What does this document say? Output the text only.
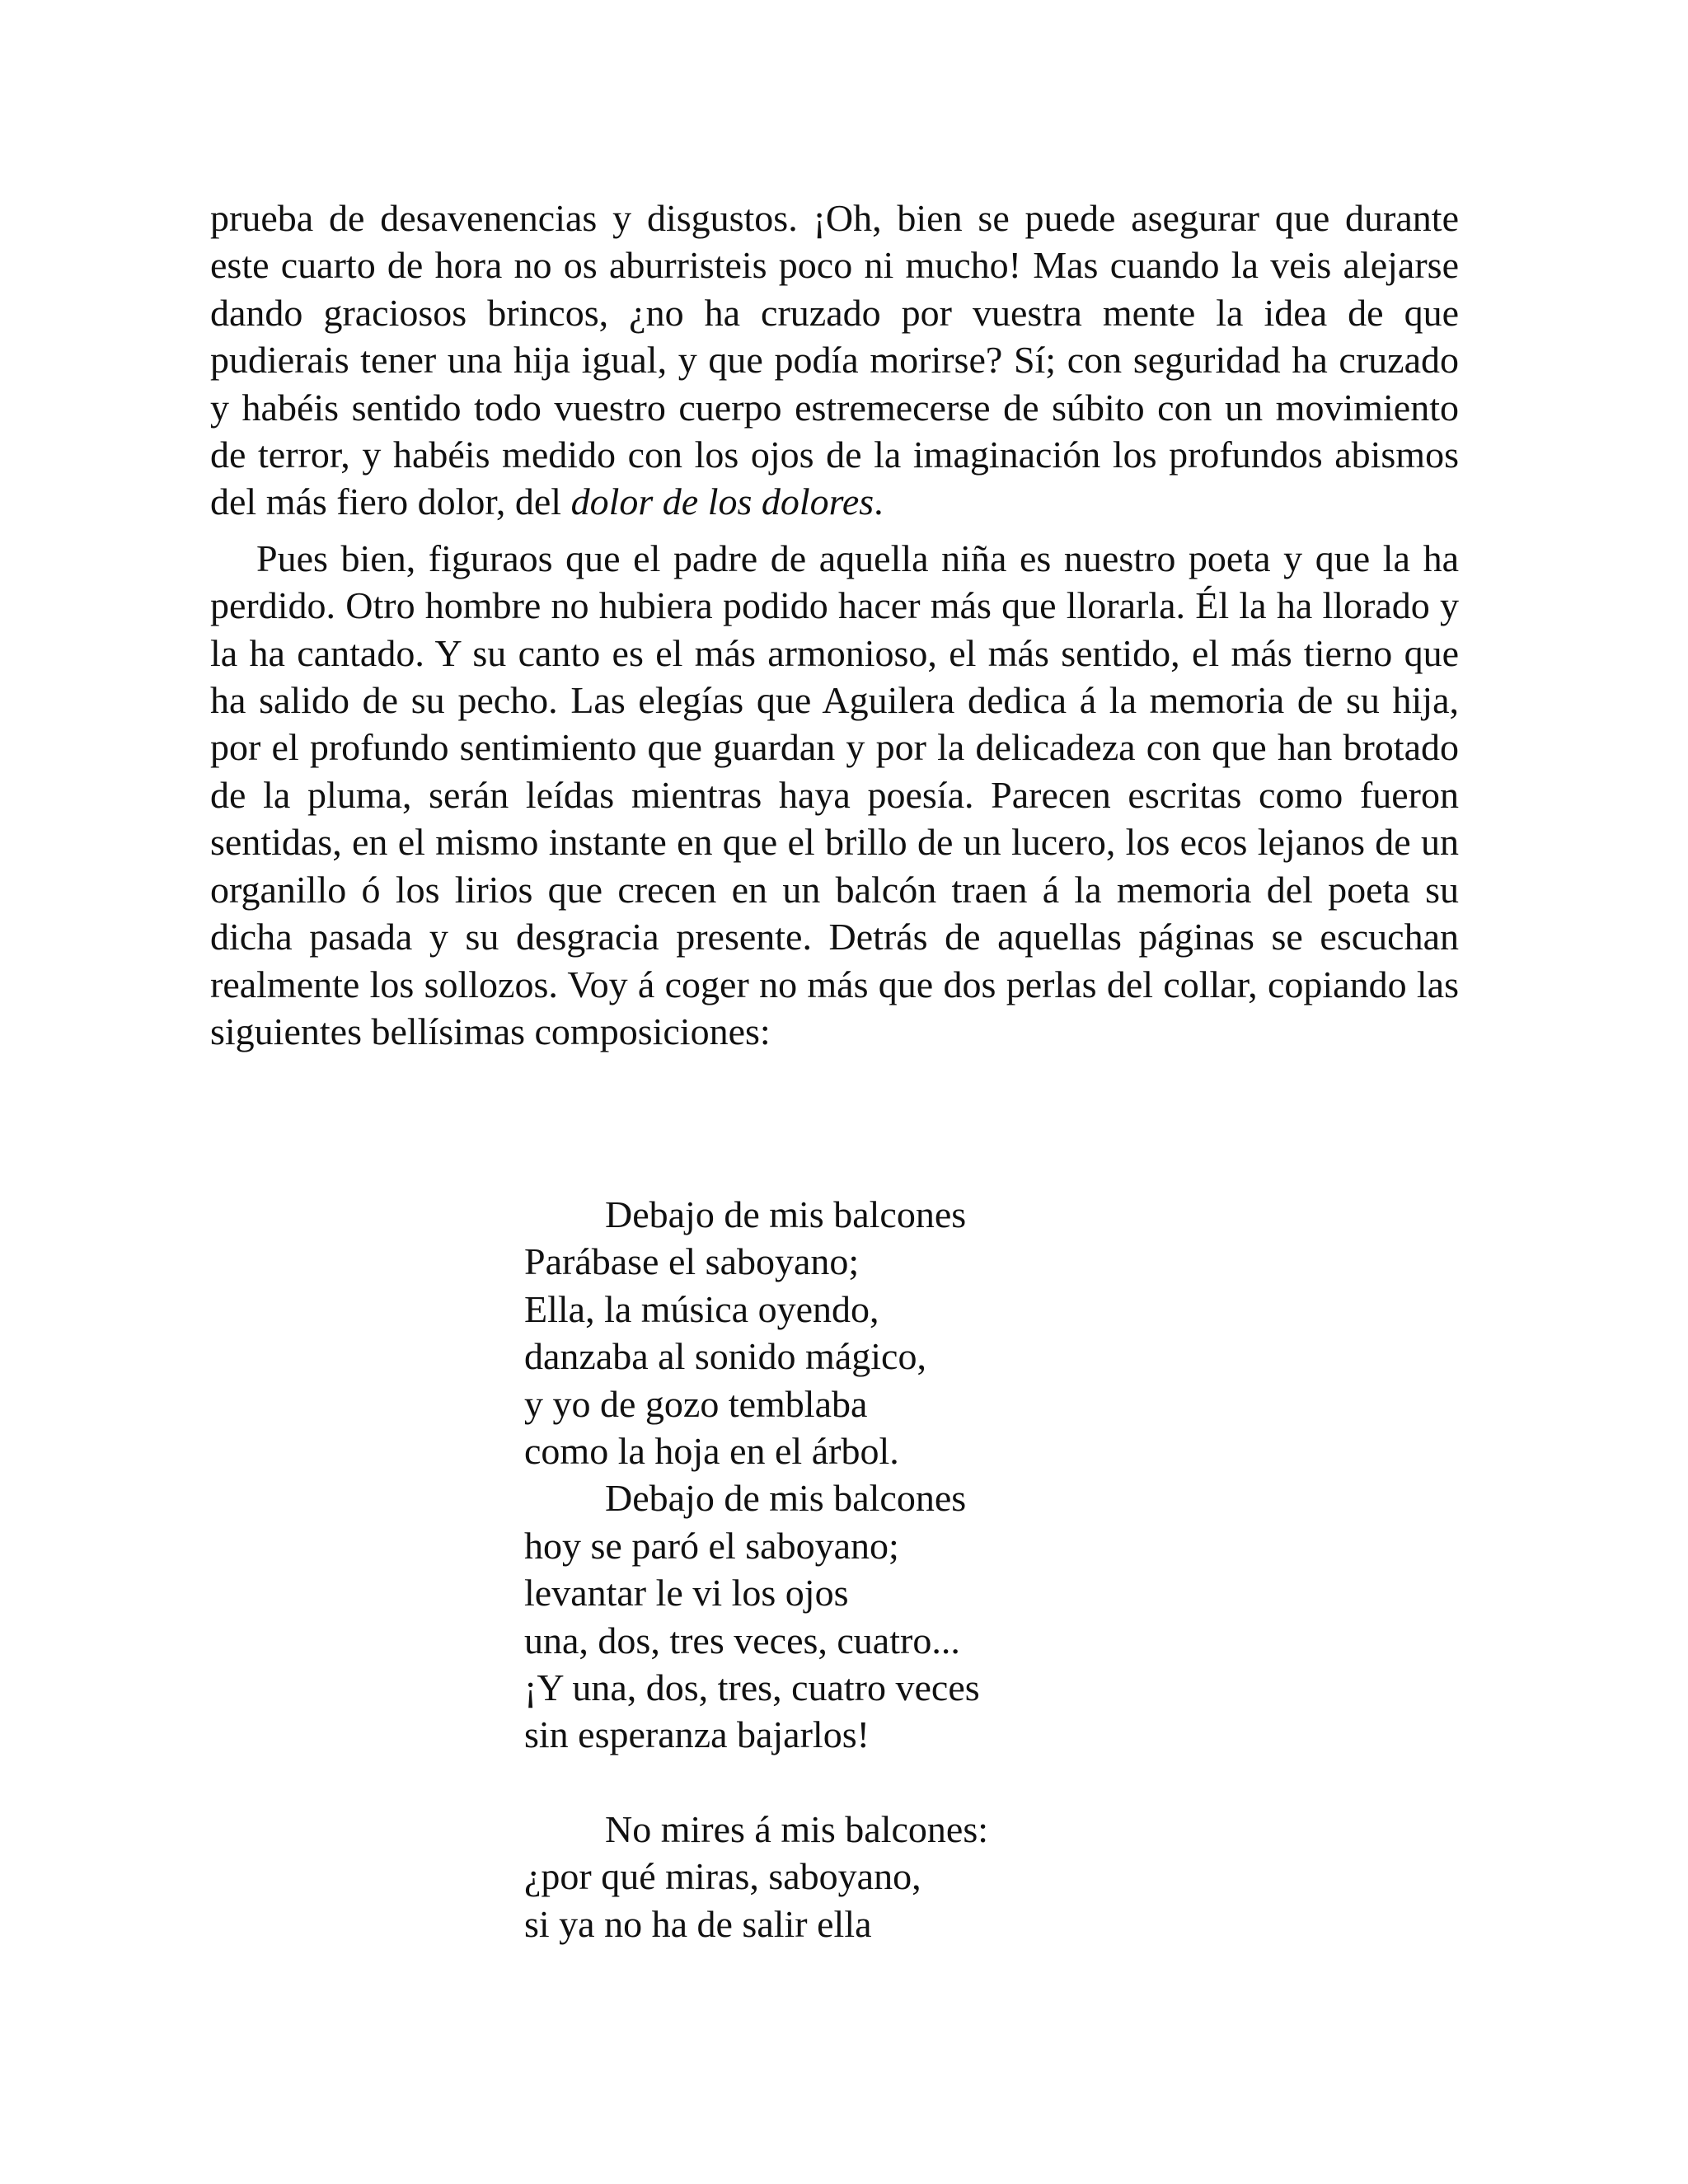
prueba de desavenencias y disgustos. ¡Oh, bien se puede asegurar que durante este cuarto de hora no os aburristeis poco ni mucho! Mas cuando la veis alejarse dando graciosos brincos, ¿no ha cruzado por vuestra mente la idea de que pudierais tener una hija igual, y que podía morirse? Sí; con seguridad ha cruzado y habéis sentido todo vuestro cuerpo estremecerse de súbito con un movimiento de terror, y habéis medido con los ojos de la imaginación los profundos abismos del más fiero dolor, del dolor de los dolores.

Pues bien, figuraos que el padre de aquella niña es nuestro poeta y que la ha perdido. Otro hombre no hubiera podido hacer más que llorarla. Él la ha llorado y la ha cantado. Y su canto es el más armonioso, el más sentido, el más tierno que ha salido de su pecho. Las elegías que Aguilera dedica á la memoria de su hija, por el profundo sentimiento que guardan y por la delicadeza con que han brotado de la pluma, serán leídas mientras haya poesía. Parecen escritas como fueron sentidas, en el mismo instante en que el brillo de un lucero, los ecos lejanos de un organillo ó los lirios que crecen en un balcón traen á la memoria del poeta su dicha pasada y su desgracia presente. Detrás de aquellas páginas se escuchan realmente los sollozos. Voy á coger no más que dos perlas del collar, copiando las siguientes bellísimas composiciones:

Debajo de mis balcones
Parábase el saboyano;
Ella, la música oyendo,
danzaba al sonido mágico,
y yo de gozo temblaba
como la hoja en el árbol.
Debajo de mis balcones
hoy se paró el saboyano;
levantar le vi los ojos
una, dos, tres veces, cuatro...
¡Y una, dos, tres, cuatro veces
sin esperanza bajarlos!
No mires á mis balcones:
¿por qué miras, saboyano,
si ya no ha de salir ella
